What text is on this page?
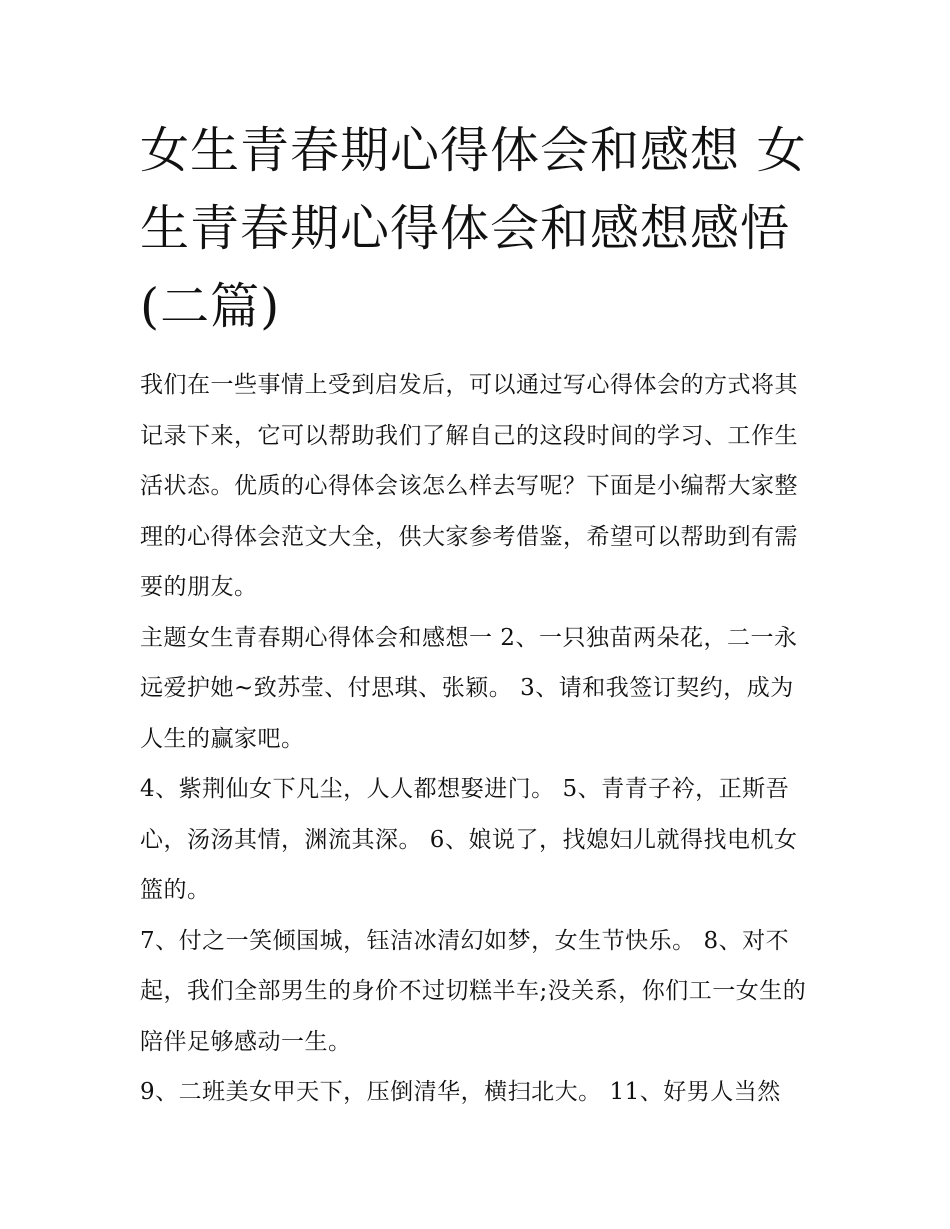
女生青春期心得体会和感想 女生青春期心得体会和感想感悟(二篇)

我们在一些事情上受到启发后，可以通过写心得体会的方式将其记录下来，它可以帮助我们了解自己的这段时间的学习、工作生活状态。优质的心得体会该怎么样去写呢？下面是小编帮大家整理的心得体会范文大全，供大家参考借鉴，希望可以帮助到有需要的朋友。

主题女生青春期心得体会和感想一 2、一只独苗两朵花，二一永远爱护她~致苏莹、付思琪、张颖。 3、请和我签订契约，成为人生的赢家吧。

4、紫荆仙女下凡尘，人人都想娶进门。 5、青青子衿，正斯吾心，汤汤其情，渊流其深。 6、娘说了，找媳妇儿就得找电机女篮的。

7、付之一笑倾国城，钰洁冰清幻如梦，女生节快乐。 8、对不起，我们全部男生的身价不过切糕半车;没关系，你们工一女生的陪伴足够感动一生。

9、二班美女甲天下，压倒清华，横扫北大。 11、好男人当然
